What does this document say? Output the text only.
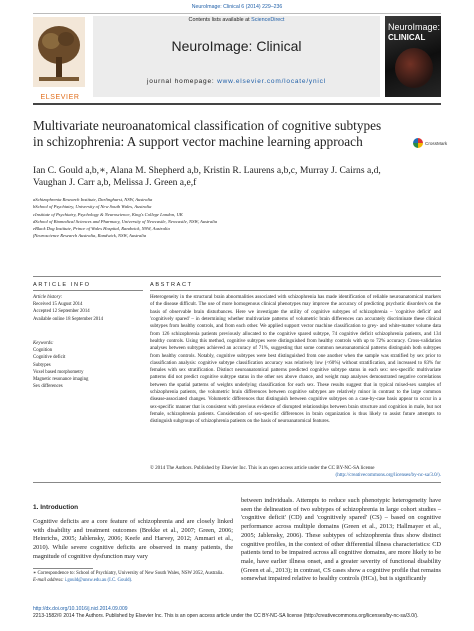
NeuroImage: Clinical 6 (2014) 229–236
ELSEVIER
Contents lists available at ScienceDirect
NeuroImage: Clinical
journal homepage: www.elsevier.com/locate/ynicl
NeuroImage:
CLINICAL
Multivariate neuroanatomical classification of cognitive subtypes in schizophrenia: A support vector machine learning approach	CrossMark
Ian C. Gould a,b,∗, Alana M. Shepherd a,b, Kristin R. Laurens a,b,c, Murray J. Cairns a,d,
Vaughan J. Carr a,b, Melissa J. Green a,e,f
aSchizophrenia Research Institute, Darlinghurst, NSW, Australia
bSchool of Psychiatry, University of New South Wales, Australia
cInstitute of Psychiatry, Psychology & Neuroscience, King's College London, UK
dSchool of Biomedical Sciences and Pharmacy, University of Newcastle, Newcastle, NSW, Australia
eBlack Dog Institute, Prince of Wales Hospital, Randwick, NSW, Australia
fNeuroscience Research Australia, Randwick, NSW, Australia
ARTICLE INFO	ABSTRACT
Article history:
Received 15 August 2014
Accepted 12 September 2014
Available online 18 September 2014
Keywords:
Cognition
Cognitive deficit
Subtypes
Voxel based morphometry
Magnetic resonance imaging
Sex differences
Heterogeneity in the structural brain abnormalities associated with schizophrenia has made identification of reliable neuroanatomical markers of the disease difficult. The use of more homogenous clinical phenotypes may improve the accuracy of predicting psychotic disorder/s on the basis of observable brain disturbances. Here we investigate the utility of cognitive subtypes of schizophrenia – 'cognitive deficit' and 'cognitively spared' – in determining whether multivariate patterns of volumetric brain differences can accurately discriminate these clinical subtypes from healthy controls, and from each other. We applied support vector machine classification to grey- and white-matter volume data from 126 schizophrenia patients previously allocated to the cognitive spared subtype, 74 cognitive deficit schizophrenia patients, and 134 healthy controls. Using this method, cognitive subtypes were distinguished from healthy controls with up to 72% accuracy. Cross-validation analyses between subtypes achieved an accuracy of 71%, suggesting that some common neuroanatomical patterns distinguish both subtypes from healthy controls. Notably, cognitive subtypes were best distinguished from one another when the sample was stratified by sex prior to classification analysis: cognitive subtype classification accuracy was relatively low (<60%) without stratification, and increased to 83% for females with sex stratification. Distinct neuroanatomical patterns predicted cognitive subtype status in each sex: sex-specific multivariate patterns did not predict cognitive subtype status in the other sex above chance, and weight map analyses demonstrated negative correlations between the spatial patterns of weights underlying classification for each sex. These results suggest that in typical mixed-sex samples of schizophrenia patients, the volumetric brain differences between cognitive subtypes are relatively minor in contrast to the large common disease-associated changes. Volumetric differences that distinguish between cognitive subtypes on a case-by-case basis appear to occur in a sex-specific manner that is consistent with previous evidence of disrupted relationships between brain structure and cognition in male, but not female, schizophrenia patients. Consideration of sex-specific differences in brain organization is thus likely to assist future attempts to distinguish subgroups of schizophrenia patients on the basis of neuroanatomical features.
© 2014 The Authors. Published by Elsevier Inc. This is an open access article under the CC BY-NC-SA license
(http://creativecommons.org/licenses/by-nc-sa/3.0/).
1. Introduction
Cognitive deficits are a core feature of schizophrenia and are closely linked with disability and treatment outcomes (Brekke et al., 2007; Green, 2006; Heinrichs, 2005; Jablensky, 2006; Keefe and Harvey, 2012; Ammari et al., 2010). While severe cognitive deficits are observed in many patients, the magnitude of cognitive dysfunction may vary
between individuals. Attempts to reduce such phenotypic heterogeneity have seen the delineation of two subtypes of schizophrenia in large cohort studies – 'cognitive deficit' (CD) and 'cognitively spared' (CS) – based on cognitive performance across multiple domains (Green et al., 2013; Hallmayer et al., 2005; Jablensky, 2006). These subtypes of schizophrenia thus show distinct cognitive profiles, in the context of other differential illness characteristics: CD patients tend to be impaired across all cognitive domains, are more likely to be male, have earlier illness onset, and a greater severity of functional disability (Green et al., 2013); in contrast, CS cases show a cognitive profile that remains somewhat impaired relative to healthy controls (HCs), but is significantly
∗ Correspondence to: School of Psychiatry, University of New South Wales, NSW 2052, Australia.
E-mail address: i.gould@unsw.edu.au (I.C. Gould).
http://dx.doi.org/10.1016/j.nicl.2014.09.009
2213-1582/© 2014 The Authors. Published by Elsevier Inc. This is an open access article under the CC BY-NC-SA license (http://creativecommons.org/licenses/by-nc-sa/3.0/).
